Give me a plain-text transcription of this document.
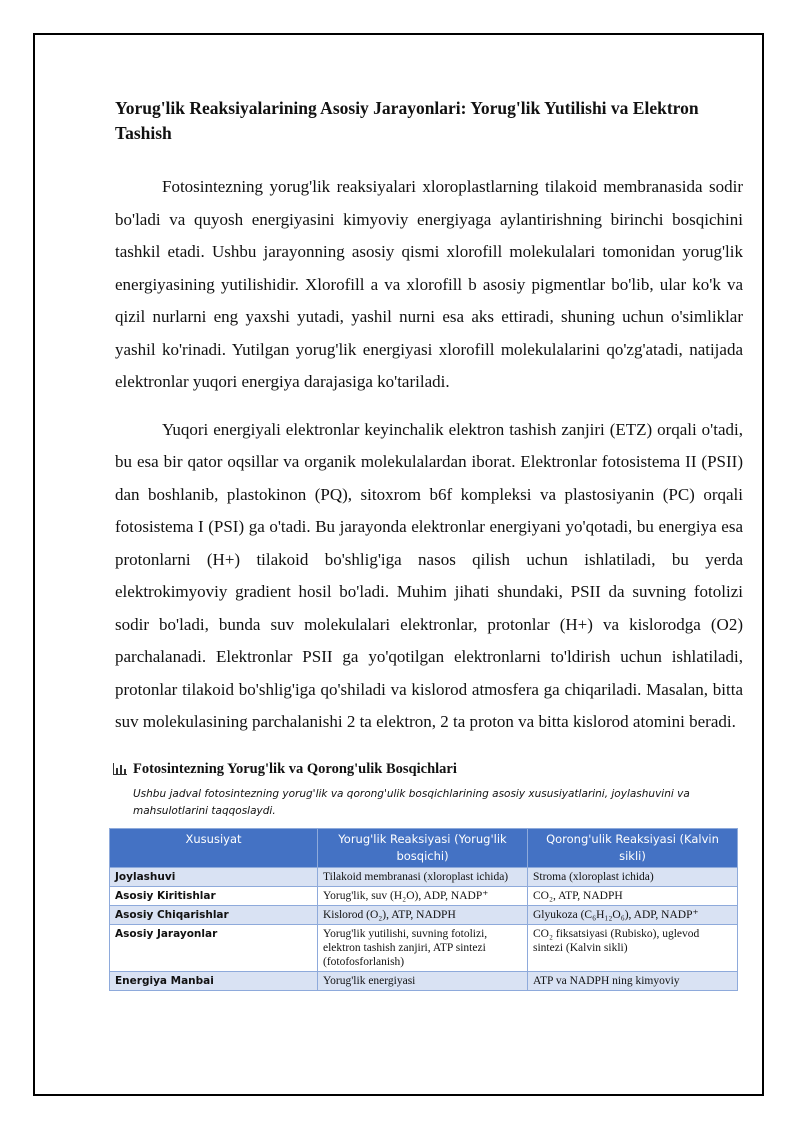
Yorug'lik Reaksiyalarining Asosiy Jarayonlari: Yorug'lik Yutilishi va Elektron Tashish

Fotosintezning yorug'lik reaksiyalari xloroplastlarning tilakoid membranasida sodir bo'ladi va quyosh energiyasini kimyoviy energiyaga aylantirishning birinchi bosqichini tashkil etadi. Ushbu jarayonning asosiy qismi xlorofill molekulalari tomonidan yorug'lik energiyasining yutilishidir. Xlorofill a va xlorofill b asosiy pigmentlar bo'lib, ular ko'k va qizil nurlarni eng yaxshi yutadi, yashil nurni esa aks ettiradi, shuning uchun o'simliklar yashil ko'rinadi. Yutilgan yorug'lik energiyasi xlorofill molekulalarini qo'zg'atadi, natijada elektronlar yuqori energiya darajasiga ko'tariladi.

Yuqori energiyali elektronlar keyinchalik elektron tashish zanjiri (ETZ) orqali o'tadi, bu esa bir qator oqsillar va organik molekulalardan iborat. Elektronlar fotosistema II (PSII) dan boshlanib, plastokinon (PQ), sitoxrom b6f kompleksi va plastosiyanin (PC) orqali fotosistema I (PSI) ga o'tadi. Bu jarayonda elektronlar energiyani yo'qotadi, bu energiya esa protonlarni (H+) tilakoid bo'shlig'iga nasos qilish uchun ishlatiladi, bu yerda elektrokimyoviy gradient hosil bo'ladi. Muhim jihati shundaki, PSII da suvning fotolizi sodir bo'ladi, bunda suv molekulalari elektronlar, protonlar (H+) va kislorodga (O2) parchalanadi. Elektronlar PSII ga yo'qotilgan elektronlarni to'ldirish uchun ishlatiladi, protonlar tilakoid bo'shlig'iga qo'shiladi va kislorod atmosfera ga chiqariladi. Masalan, bitta suv molekulasining parchalanishi 2 ta elektron, 2 ta proton va bitta kislorod atomini beradi.

Fotosintezning Yorug'lik va Qorong'ulik Bosqichlari
Ushbu jadval fotosintezning yorug'lik va qorong'ulik bosqichlarining asosiy xususiyatlarini, joylashuvini va mahsulotlarini taqqoslaydi.
Xususiyat	Yorug'lik Reaksiyasi (Yorug'lik bosqichi)	Qorong'ulik Reaksiyasi (Kalvin sikli)
Joylashuvi	Tilakoid membranasi (xloroplast ichida)	Stroma (xloroplast ichida)
Asosiy Kiritishlar	Yorug'lik, suv (H₂O), ADP, NADP⁺	CO₂, ATP, NADPH
Asosiy Chiqarishlar	Kislorod (O₂), ATP, NADPH	Glyukoza (C₆H₁₂O₆), ADP, NADP⁺
Asosiy Jarayonlar	Yorug'lik yutilishi, suvning fotolizi, elektron tashish zanjiri, ATP sintezi (fotofosforlanish)	CO₂ fiksatsiyasi (Rubisko), uglevod sintezi (Kalvin sikli)
Energiya Manbai	Yorug'lik energiyasi	ATP va NADPH ning kimyoviy
